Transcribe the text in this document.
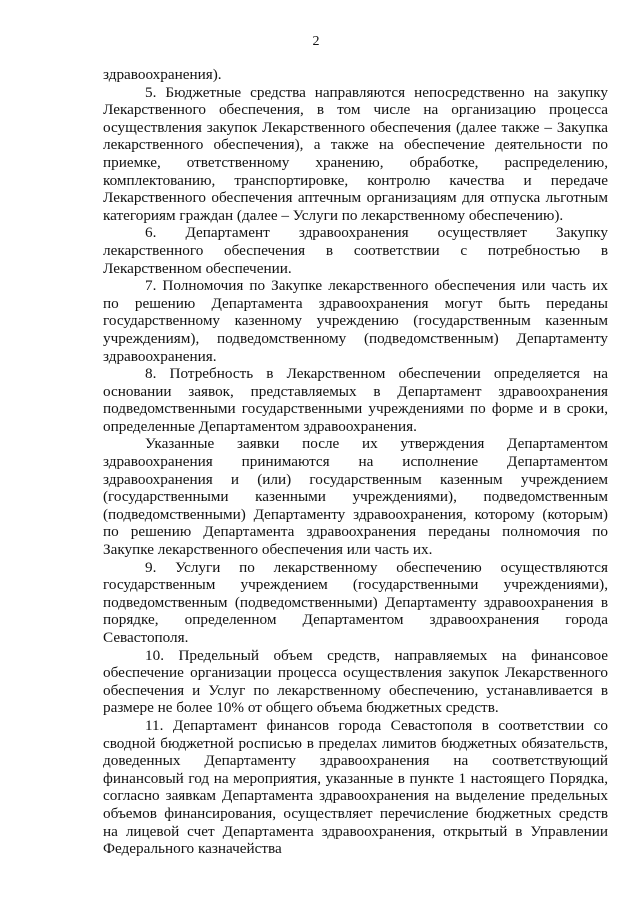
2

здравоохранения).

5. Бюджетные средства направляются непосредственно на закупку Лекарственного обеспечения, в том числе на организацию процесса осуществления закупок Лекарственного обеспечения (далее также – Закупка лекарственного обеспечения), а также на обеспечение деятельности по приемке, ответственному хранению, обработке, распределению, комплектованию, транспортировке, контролю качества и передаче Лекарственного обеспечения аптечным организациям для отпуска льготным категориям граждан (далее – Услуги по лекарственному обеспечению).

6. Департамент здравоохранения осуществляет Закупку лекарственного обеспечения в соответствии с потребностью в Лекарственном обеспечении.

7. Полномочия по Закупке лекарственного обеспечения или часть их по решению Департамента здравоохранения могут быть переданы государственному казенному учреждению (государственным казенным учреждениям), подведомственному (подведомственным) Департаменту здравоохранения.

8. Потребность в Лекарственном обеспечении определяется на основании заявок, представляемых в Департамент здравоохранения подведомственными государственными учреждениями по форме и в сроки, определенные Департаментом здравоохранения.

Указанные заявки после их утверждения Департаментом здравоохранения принимаются на исполнение Департаментом здравоохранения и (или) государственным казенным учреждением (государственными казенными учреждениями), подведомственным (подведомственными) Департаменту здравоохранения, которому (которым) по решению Департамента здравоохранения переданы полномочия по Закупке лекарственного обеспечения или часть их.

9. Услуги по лекарственному обеспечению осуществляются государственным учреждением (государственными учреждениями), подведомственным (подведомственными) Департаменту здравоохранения в порядке, определенном Департаментом здравоохранения города Севастополя.

10. Предельный объем средств, направляемых на финансовое обеспечение организации процесса осуществления закупок Лекарственного обеспечения и Услуг по лекарственному обеспечению, устанавливается в размере не более 10% от общего объема бюджетных средств.

11. Департамент финансов города Севастополя в соответствии со сводной бюджетной росписью в пределах лимитов бюджетных обязательств, доведенных Департаменту здравоохранения на соответствующий финансовый год на мероприятия, указанные в пункте 1 настоящего Порядка, согласно заявкам Департамента здравоохранения на выделение предельных объемов финансирования, осуществляет перечисление бюджетных средств на лицевой счет Департамента здравоохранения, открытый в Управлении Федерального казначейства
